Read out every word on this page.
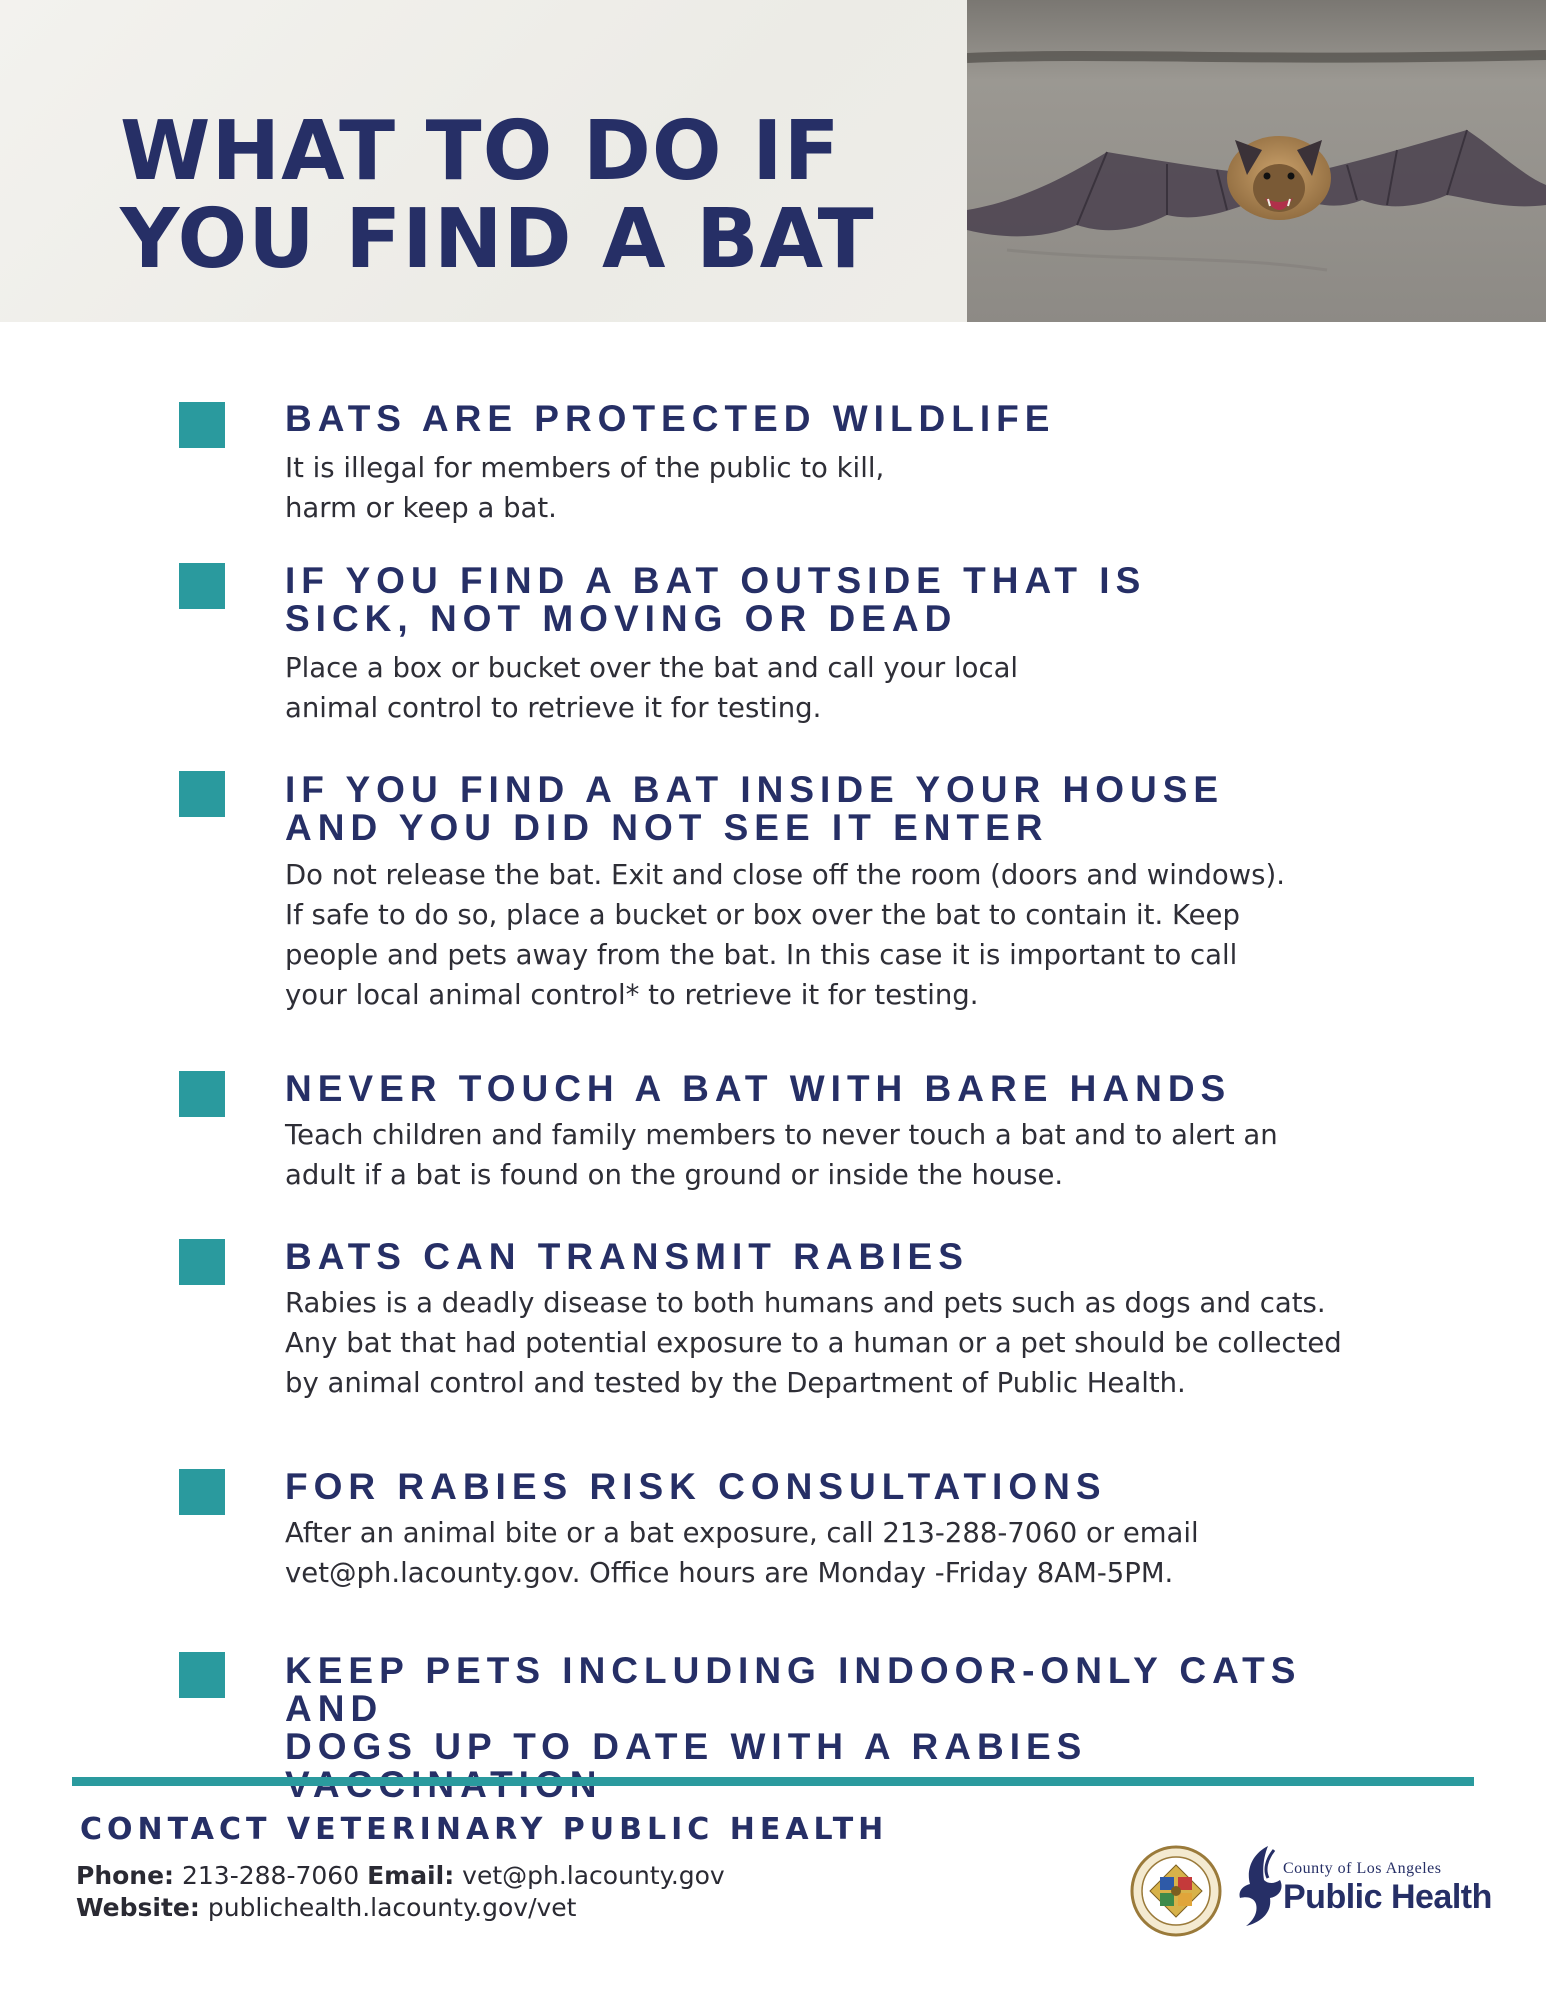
WHAT TO DO IF
YOU FIND A BAT
BATS ARE PROTECTED WILDLIFE
It is illegal for members of the public to kill,
harm or keep a bat.
IF YOU FIND A BAT OUTSIDE THAT IS
SICK, NOT MOVING OR DEAD
Place a box or bucket over the bat and call your local
animal control to retrieve it for testing.
IF YOU FIND A BAT INSIDE YOUR HOUSE
AND YOU DID NOT SEE IT ENTER
Do not release the bat. Exit and close off the room (doors and windows).
If safe to do so, place a bucket or box over the bat to contain it. Keep
people and pets away from the bat. In this case it is important to call
your local animal control* to retrieve it for testing.
NEVER TOUCH A BAT WITH BARE HANDS
Teach children and family members to never touch a bat and to alert an
adult if a bat is found on the ground or inside the house.
BATS CAN TRANSMIT RABIES
Rabies is a deadly disease to both humans and pets such as dogs and cats.
Any bat that had potential exposure to a human or a pet should be collected
by animal control and tested by the Department of Public Health.
FOR RABIES RISK CONSULTATIONS
After an animal bite or a bat exposure, call 213-288-7060 or email
vet@ph.lacounty.gov. Office hours are Monday -Friday 8AM-5PM.
KEEP PETS INCLUDING INDOOR-ONLY CATS AND
DOGS UP TO DATE WITH A RABIES
CONTACT VETERINARY PUBLIC HEALTH
Phone: 213-288-7060 Email: vet@ph.lacounty.gov
Website: publichealth.lacounty.gov/vet
County of Los Angeles
Public Health
